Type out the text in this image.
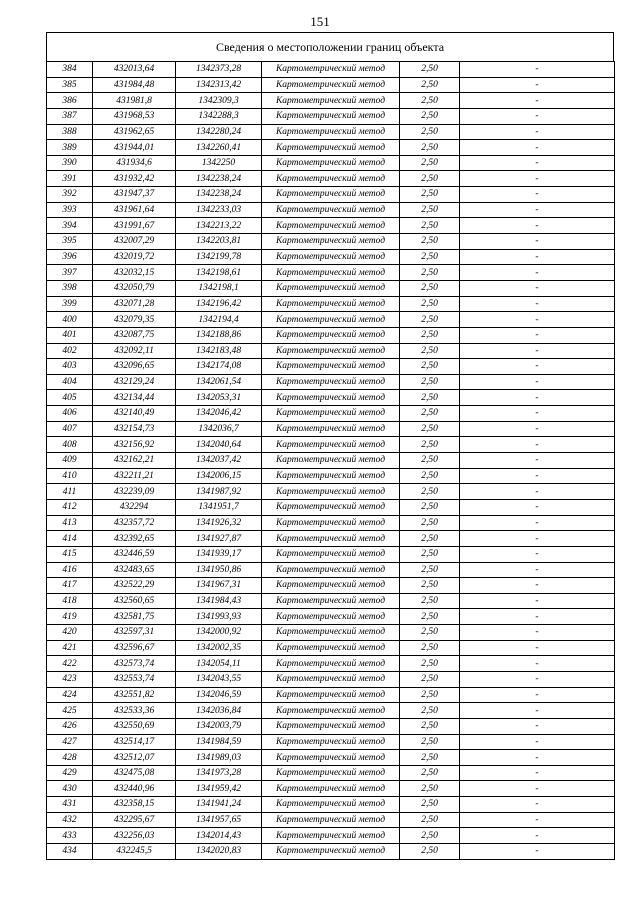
151
Сведения о местоположении границ объекта
384	432013,64	1342373,28	Картометрический метод	2,50	-
385	431984,48	1342313,42	Картометрический метод	2,50	-
386	431981,8	1342309,3	Картометрический метод	2,50	-
387	431968,53	1342288,3	Картометрический метод	2,50	-
388	431962,65	1342280,24	Картометрический метод	2,50	-
389	431944,01	1342260,41	Картометрический метод	2,50	-
390	431934,6	1342250	Картометрический метод	2,50	-
391	431932,42	1342238,24	Картометрический метод	2,50	-
392	431947,37	1342238,24	Картометрический метод	2,50	-
393	431961,64	1342233,03	Картометрический метод	2,50	-
394	431991,67	1342213,22	Картометрический метод	2,50	-
395	432007,29	1342203,81	Картометрический метод	2,50	-
396	432019,72	1342199,78	Картометрический метод	2,50	-
397	432032,15	1342198,61	Картометрический метод	2,50	-
398	432050,79	1342198,1	Картометрический метод	2,50	-
399	432071,28	1342196,42	Картометрический метод	2,50	-
400	432079,35	1342194,4	Картометрический метод	2,50	-
401	432087,75	1342188,86	Картометрический метод	2,50	-
402	432092,11	1342183,48	Картометрический метод	2,50	-
403	432096,65	1342174,08	Картометрический метод	2,50	-
404	432129,24	1342061,54	Картометрический метод	2,50	-
405	432134,44	1342053,31	Картометрический метод	2,50	-
406	432140,49	1342046,42	Картометрический метод	2,50	-
407	432154,73	1342036,7	Картометрический метод	2,50	-
408	432156,92	1342040,64	Картометрический метод	2,50	-
409	432162,21	1342037,42	Картометрический метод	2,50	-
410	432211,21	1342006,15	Картометрический метод	2,50	-
411	432239,09	1341987,92	Картометрический метод	2,50	-
412	432294	1341951,7	Картометрический метод	2,50	-
413	432357,72	1341926,32	Картометрический метод	2,50	-
414	432392,65	1341927,87	Картометрический метод	2,50	-
415	432446,59	1341939,17	Картометрический метод	2,50	-
416	432483,65	1341950,86	Картометрический метод	2,50	-
417	432522,29	1341967,31	Картометрический метод	2,50	-
418	432560,65	1341984,43	Картометрический метод	2,50	-
419	432581,75	1341993,93	Картометрический метод	2,50	-
420	432597,31	1342000,92	Картометрический метод	2,50	-
421	432596,67	1342002,35	Картометрический метод	2,50	-
422	432573,74	1342054,11	Картометрический метод	2,50	-
423	432553,74	1342043,55	Картометрический метод	2,50	-
424	432551,82	1342046,59	Картометрический метод	2,50	-
425	432533,36	1342036,84	Картометрический метод	2,50	-
426	432550,69	1342003,79	Картометрический метод	2,50	-
427	432514,17	1341984,59	Картометрический метод	2,50	-
428	432512,07	1341989,03	Картометрический метод	2,50	-
429	432475,08	1341973,28	Картометрический метод	2,50	-
430	432440,96	1341959,42	Картометрический метод	2,50	-
431	432358,15	1341941,24	Картометрический метод	2,50	-
432	432295,67	1341957,65	Картометрический метод	2,50	-
433	432256,03	1342014,43	Картометрический метод	2,50	-
434	432245,5	1342020,83	Картометрический метод	2,50	-
